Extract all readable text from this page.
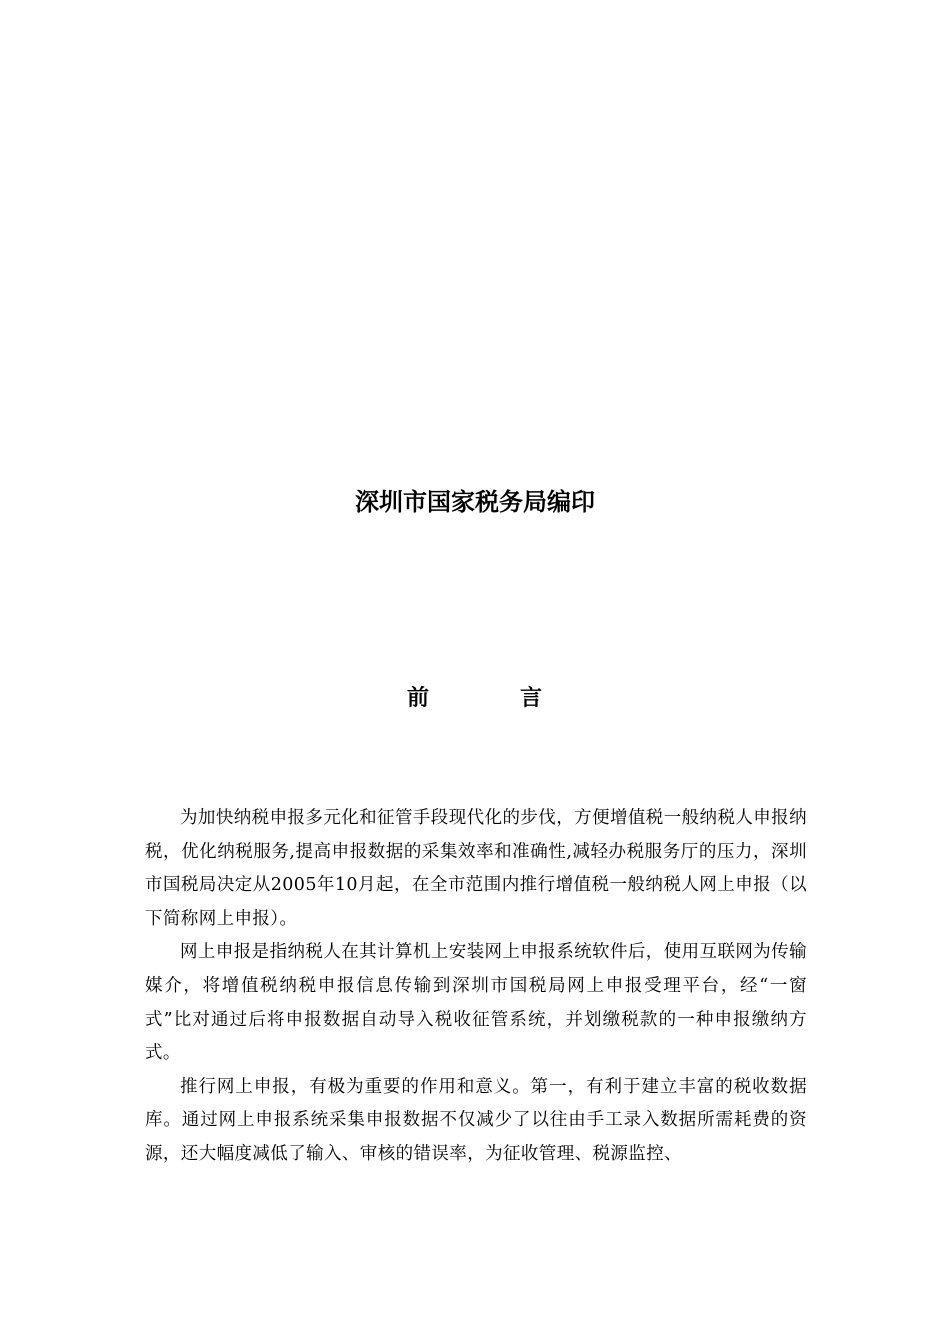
深圳市国家税务局编印
前	言

为加快纳税申报多元化和征管手段现代化的步伐，方便增值税一般纳税人申报纳税，优化纳税服务,提高申报数据的采集效率和准确性,减轻办税服务厅的压力，深圳市国税局决定从2005年10月起，在全市范围内推行增值税一般纳税人网上申报（以下简称网上申报）。

网上申报是指纳税人在其计算机上安装网上申报系统软件后，使用互联网为传输媒介，将增值税纳税申报信息传输到深圳市国税局网上申报受理平台，经“一窗式”比对通过后将申报数据自动导入税收征管系统，并划缴税款的一种申报缴纳方式。

推行网上申报，有极为重要的作用和意义。第一，有利于建立丰富的税收数据库。通过网上申报系统采集申报数据不仅减少了以往由手工录入数据所需耗费的资源，还大幅度减低了输入、审核的错误率，为征收管理、税源监控、
